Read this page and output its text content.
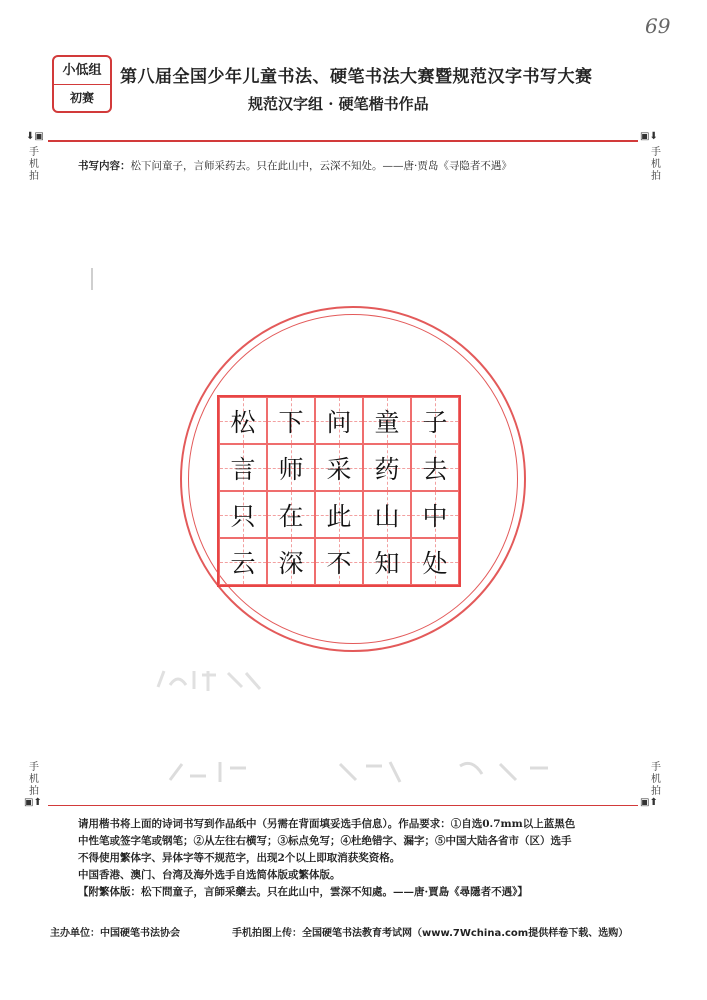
69
小低组
初赛
第八届全国少年儿童书法、硬笔书法大赛暨规范汉字书写大赛
规范汉字组 · 硬笔楷书作品
⬇▣	▣⬇
手
机
拍
手
机
拍
书写内容：松下问童子，言师采药去。只在此山中，云深不知处。——唐·贾岛《寻隐者不遇》
松 下 问 童 子
言 师 采 药 去
只 在 此 山 中
云 深 不 知 处
手
机
拍
手
机
拍
▣⬆	▣⬆

请用楷书将上面的诗词书写到作品纸中（另需在背面填妥选手信息）。作品要求：①自选0.7mm以上蓝黑色

中性笔或签字笔或钢笔；②从左往右横写；③标点免写；④杜绝错字、漏字；⑤中国大陆各省市（区）选手

不得使用繁体字、异体字等不规范字，出现2个以上即取消获奖资格。

中国香港、澳门、台湾及海外选手自选简体版或繁体版。

【附繁体版：松下問童子，言師采藥去。只在此山中，雲深不知處。——唐·賈島《尋隱者不遇》】

主办单位：中国硬笔书法协会	手机拍图上传：全国硬笔书法教育考试网（www.7Wchina.com提供样卷下载、选购）
